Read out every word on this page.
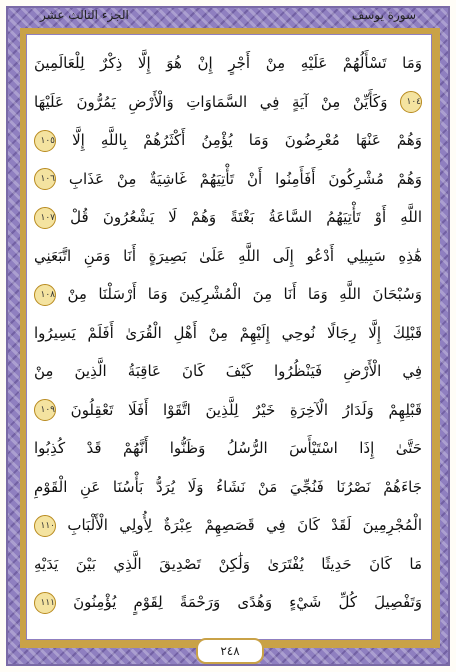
الجزء الثالث عشر	سورة يوسف
وَمَا تَسْأَلُهُمْ عَلَيْهِ مِنْ أَجْرٍ إِنْ هُوَ إِلَّا ذِكْرٌ لِلْعَالَمِينَ
١٠٤ وَكَأَيِّنْ مِنْ آيَةٍ فِي السَّمَاوَاتِ وَالْأَرْضِ يَمُرُّونَ عَلَيْهَا
وَهُمْ عَنْهَا مُعْرِضُونَ وَمَا يُؤْمِنُ أَكْثَرُهُمْ بِاللَّهِ إِلَّا ١٠٥
وَهُمْ مُشْرِكُونَ أَفَأَمِنُوا أَنْ تَأْتِيَهُمْ غَاشِيَةٌ مِنْ عَذَابِ ١٠٦
اللَّهِ أَوْ تَأْتِيَهُمُ السَّاعَةُ بَغْتَةً وَهُمْ لَا يَشْعُرُونَ قُلْ ١٠٧
هَٰذِهِ سَبِيلِي أَدْعُو إِلَى اللَّهِ عَلَىٰ بَصِيرَةٍ أَنَا وَمَنِ اتَّبَعَنِي
وَسُبْحَانَ اللَّهِ وَمَا أَنَا مِنَ الْمُشْرِكِينَ وَمَا أَرْسَلْنَا مِنْ ١٠٨
قَبْلِكَ إِلَّا رِجَالًا نُوحِي إِلَيْهِمْ مِنْ أَهْلِ الْقُرَىٰ أَفَلَمْ يَسِيرُوا
فِي الْأَرْضِ فَيَنْظُرُوا كَيْفَ كَانَ عَاقِبَةُ الَّذِينَ مِنْ
قَبْلِهِمْ وَلَدَارُ الْآخِرَةِ خَيْرٌ لِلَّذِينَ اتَّقَوْا أَفَلَا تَعْقِلُونَ ١٠٩
حَتَّىٰ إِذَا اسْتَيْأَسَ الرُّسُلُ وَظَنُّوا أَنَّهُمْ قَدْ كُذِبُوا
جَاءَهُمْ نَصْرُنَا فَنُجِّيَ مَنْ نَشَاءُ وَلَا يُرَدُّ بَأْسُنَا عَنِ الْقَوْمِ
الْمُجْرِمِينَ لَقَدْ كَانَ فِي قَصَصِهِمْ عِبْرَةٌ لِأُولِي الْأَلْبَابِ ١١٠
مَا كَانَ حَدِيثًا يُفْتَرَىٰ وَلَٰكِنْ تَصْدِيقَ الَّذِي بَيْنَ يَدَيْهِ
وَتَفْصِيلَ كُلِّ شَيْءٍ وَهُدًى وَرَحْمَةً لِقَوْمٍ يُؤْمِنُونَ ١١١
٢٤٨
